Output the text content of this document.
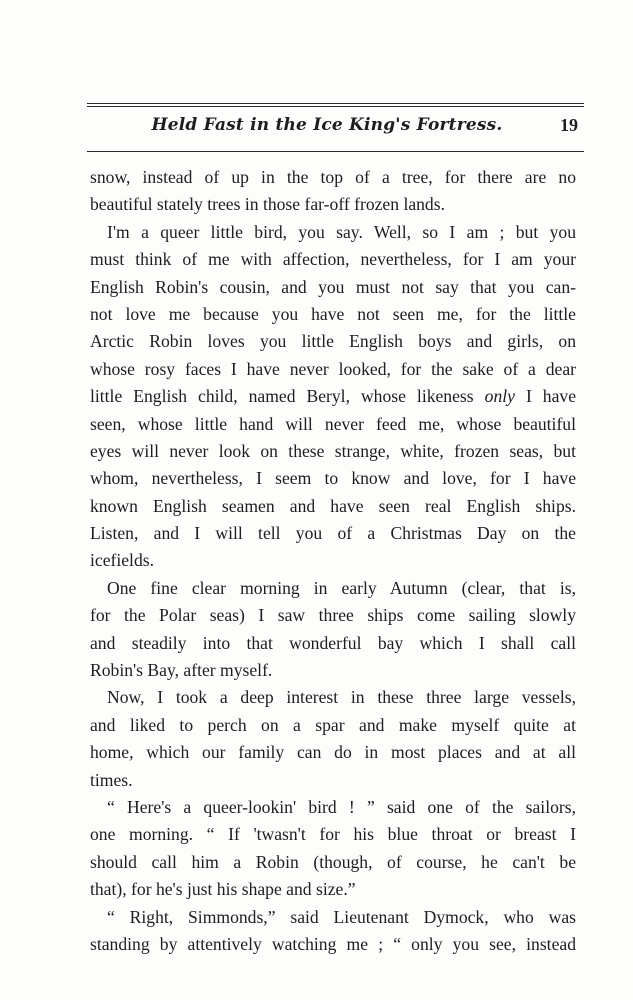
Held Fast in the Ice King's Fortress.	19
snow, instead of up in the top of a tree, for there are no
beautiful stately trees in those far-off frozen lands.
I'm a queer little bird, you say. Well, so I am ; but you
must think of me with affection, nevertheless, for I am your
English Robin's cousin, and you must not say that you can-
not love me because you have not seen me, for the little
Arctic Robin loves you little English boys and girls, on
whose rosy faces I have never looked, for the sake of a dear
little English child, named Beryl, whose likeness only I have
seen, whose little hand will never feed me, whose beautiful
eyes will never look on these strange, white, frozen seas, but
whom, nevertheless, I seem to know and love, for I have
known English seamen and have seen real English ships.
Listen, and I will tell you of a Christmas Day on the
icefields.
One fine clear morning in early Autumn (clear, that is,
for the Polar seas) I saw three ships come sailing slowly
and steadily into that wonderful bay which I shall call
Robin's Bay, after myself.
Now, I took a deep interest in these three large vessels,
and liked to perch on a spar and make myself quite at
home, which our family can do in most places and at all
times.
“ Here's a queer-lookin' bird ! ” said one of the sailors,
one morning. “ If 'twasn't for his blue throat or breast I
should call him a Robin (though, of course, he can't be
that), for he's just his shape and size.”
“ Right, Simmonds,” said Lieutenant Dymock, who was
standing by attentively watching me ; “ only you see, instead
